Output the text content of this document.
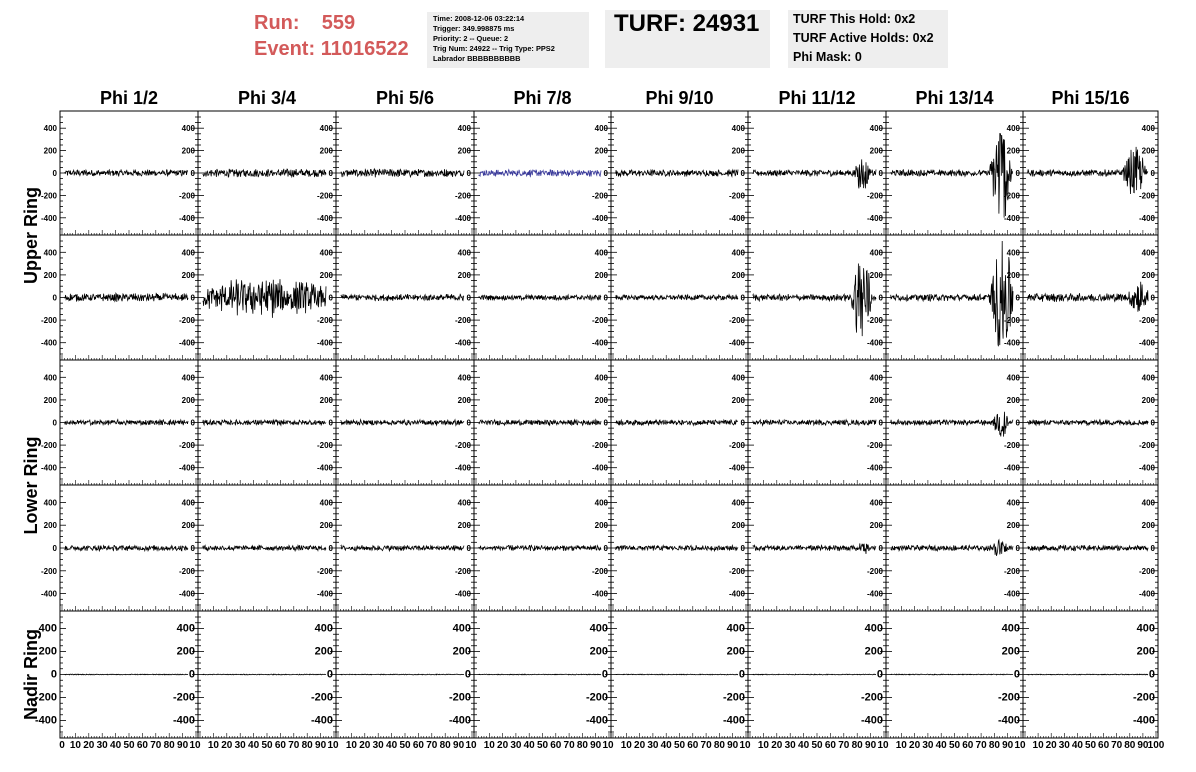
Run: 559
Event: 11016522
Time: 2008-12-06 03:22:14
Trigger: 349.998875 ms
Priority: 2 -- Queue: 2
Trig Num: 24922 -- Trig Type: PPS2
Labrador BBBBBBBBBB
TURF: 24931	TURF This Hold: 0x2
TURF Active Holds: 0x2
Phi Mask: 0
Phi 1/2	Phi 3/4	Phi 5/6	Phi 7/8	Phi 9/10	Phi 11/12	Phi 13/14	Phi 15/16
Upper Ring
Lower Ring
Nadir Ring
-400
-200
0
200
400
-400
-200
0
200
400
-400
-200
0
200
400
-400
-200
0
200
400
-400
-200
0
200
400
-400
-200
0
200
400
-400
-200
0
200
400
-400
-200
0
200
400
-400
-200
0
200
400
-400
-200
0
200
400
-400
-200
0
200
400
-400
-200
0
200
400
-400
-200
0
200
400
-400
-200
0
200
400
-400
-200
0
200
400
-400
-200
0
200
400
-400
-200
0
200
400
-400
-200
0
200
400
-400
-200
0
200
400
-400
-200
0
200
400
-400
-200
0
200
400
-400
-200
0
200
400
-400
-200
0
200
400
-400
-200
0
200
400
-400
-200
0
200
400
-400
-200
0
200
400
-400
-200
0
200
400
-400
-200
0
200
400
-400
-200
0
200
400
-400
-200
0
200
400
-400
-200
0
200
400
-400
-200
0
200
400
-400
-200
0
200
400
-400
-200
0
200
400
-400
-200
0
200
400
-400
-200
0
200
400
-400
-200
0
200
400
-400
-200
0
200
400
-400
-200
0
200
400
-400
-200
0
200
400
-400
-200
0
200
400
-400
-200
0
200
400
-400
-200
0
200
400
-400
-200
0
200
400
-400
-200
0
200
400
0 10 20 30 40 50 60 70 80 90 10 10 20 30 40 50 60 70 80 90 10 10 20 30 40 50 60 70 80 90 10 10 20 30 40 50 60 70 80 90 10 10 20 30 40 50 60 70 80 90 10 10 20 30 40 50 60 70 80 90 10 10 20 30 40 50 60 70 80 90 10 10 20 30 40 50 60 70 80 90 100
